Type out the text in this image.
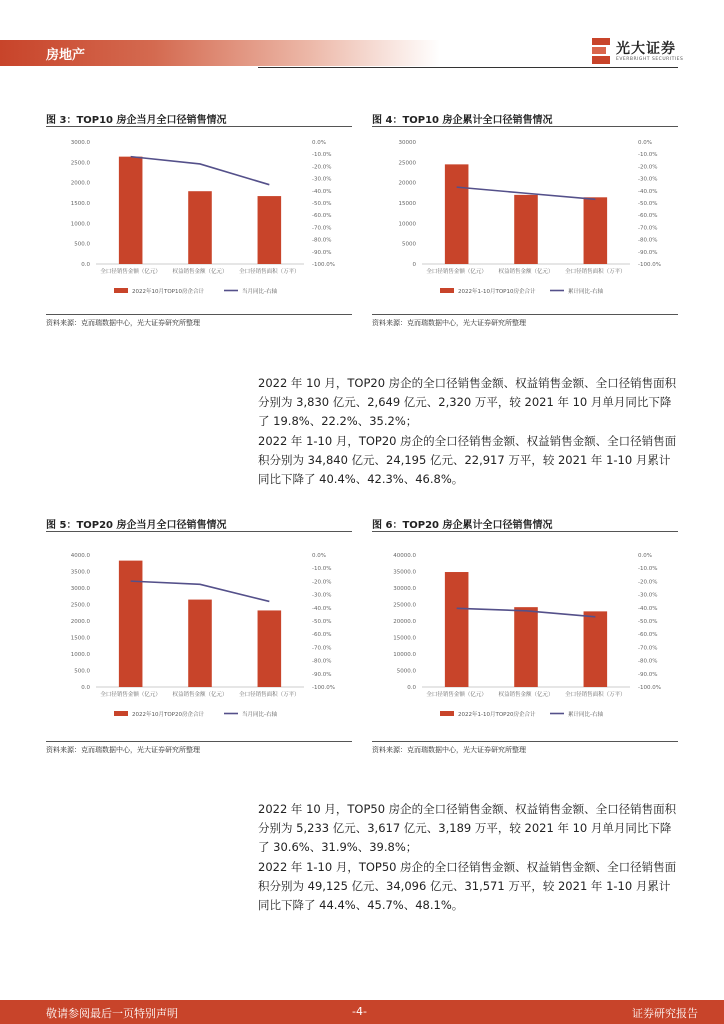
房地产	光大证券
EVERBRIGHT SECURITIES
图 3：TOP10 房企当月全口径销售情况
3000.0
2500.0
2000.0
1500.0
1000.0
500.0
0.0
0.0%
-10.0%
-20.0%
-30.0%
-40.0%
-50.0%
-60.0%
-70.0%
-80.0%
-90.0%
-100.0%
全口径销售金额（亿元） 权益销售金额（亿元） 全口径销售面积（万平）
2022年10月TOP10房企合计	当月同比-右轴
资料来源：克而瑞数据中心，光大证券研究所整理
图 4：TOP10 房企累计全口径销售情况
30000
25000
20000
15000
10000
5000
0
0.0%
-10.0%
-20.0%
-30.0%
-40.0%
-50.0%
-60.0%
-70.0%
-80.0%
-90.0%
-100.0%
全口径销售金额（亿元） 权益销售金额（亿元） 全口径销售面积（万平）
2022年1-10月TOP10房企合计	累计同比-右轴
资料来源：克而瑞数据中心，光大证券研究所整理

2022 年 10 月，TOP20 房企的全口径销售金额、权益销售金额、全口径销售面积分别为 3,830 亿元、2,649 亿元、2,320 万平，较 2021 年 10 月单月同比下降了 19.8%、22.2%、35.2%；

2022 年 1-10 月，TOP20 房企的全口径销售金额、权益销售金额、全口径销售面积分别为 34,840 亿元、24,195 亿元、22,917 万平，较 2021 年 1-10 月累计同比下降了 40.4%、42.3%、46.8%。

图 5：TOP20 房企当月全口径销售情况
4000.0
3500.0
3000.0
2500.0
2000.0
1500.0
1000.0
500.0
0.0
0.0%
-10.0%
-20.0%
-30.0%
-40.0%
-50.0%
-60.0%
-70.0%
-80.0%
-90.0%
-100.0%
全口径销售金额（亿元） 权益销售金额（亿元） 全口径销售面积（万平）
2022年10月TOP20房企合计	当月同比-右轴
资料来源：克而瑞数据中心，光大证券研究所整理
图 6：TOP20 房企累计全口径销售情况
40000.0
35000.0
30000.0
25000.0
20000.0
15000.0
10000.0
5000.0
0.0
0.0%
-10.0%
-20.0%
-30.0%
-40.0%
-50.0%
-60.0%
-70.0%
-80.0%
-90.0%
-100.0%
全口径销售金额（亿元） 权益销售金额（亿元） 全口径销售面积（万平）
2022年1-10月TOP20房企合计	累计同比-右轴
资料来源：克而瑞数据中心，光大证券研究所整理

2022 年 10 月，TOP50 房企的全口径销售金额、权益销售金额、全口径销售面积分别为 5,233 亿元、3,617 亿元、3,189 万平，较 2021 年 10 月单月同比下降了 30.6%、31.9%、39.8%；

2022 年 1-10 月，TOP50 房企的全口径销售金额、权益销售金额、全口径销售面积分别为 49,125 亿元、34,096 亿元、31,571 万平，较 2021 年 1-10 月累计同比下降了 44.4%、45.7%、48.1%。

敬请参阅最后一页特别声明	-4-	证券研究报告
